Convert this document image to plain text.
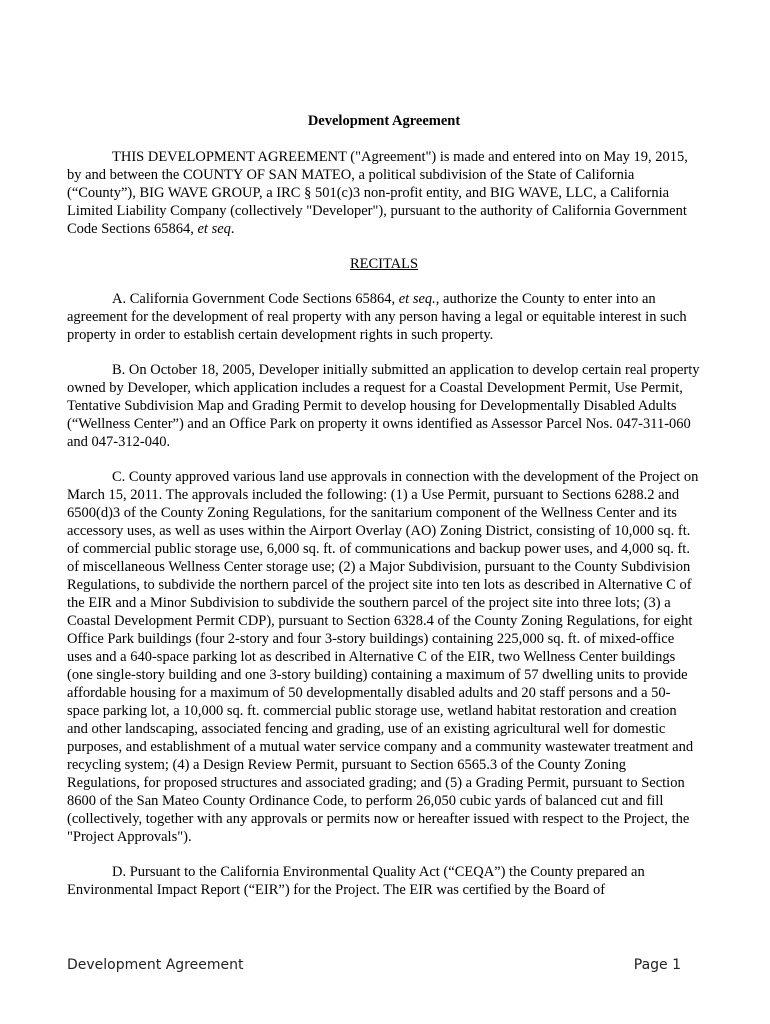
Development Agreement

THIS DEVELOPMENT AGREEMENT ("Agreement") is made and entered into on May 19, 2015, by and between the COUNTY OF SAN MATEO, a political subdivision of the State of California (“County”), BIG WAVE GROUP, a IRC § 501(c)3 non-profit entity, and BIG WAVE, LLC, a California Limited Liability Company (collectively "Developer"), pursuant to the authority of California Government Code Sections 65864, et seq.

RECITALS

A. California Government Code Sections 65864, et seq., authorize the County to enter into an agreement for the development of real property with any person having a legal or equitable interest in such property in order to establish certain development rights in such property.

B. On October 18, 2005, Developer initially submitted an application to develop certain real property owned by Developer, which application includes a request for a Coastal Development Permit, Use Permit, Tentative Subdivision Map and Grading Permit to develop housing for Developmentally Disabled Adults (“Wellness Center”) and an Office Park on property it owns identified as Assessor Parcel Nos. 047-311-060 and 047-312-040.

C. County approved various land use approvals in connection with the development of the Project on March 15, 2011. The approvals included the following: (1) a Use Permit, pursuant to Sections 6288.2 and 6500(d)3 of the County Zoning Regulations, for the sanitarium component of the Wellness Center and its accessory uses, as well as uses within the Airport Overlay (AO) Zoning District, consisting of 10,000 sq. ft. of commercial public storage use, 6,000 sq. ft. of communications and backup power uses, and 4,000 sq. ft. of miscellaneous Wellness Center storage use; (2) a Major Subdivision, pursuant to the County Subdivision Regulations, to subdivide the northern parcel of the project site into ten lots as described in Alternative C of the EIR and a Minor Subdivision to subdivide the southern parcel of the project site into three lots; (3) a Coastal Development Permit CDP), pursuant to Section 6328.4 of the County Zoning Regulations, for eight Office Park buildings (four 2-story and four 3-story buildings) containing 225,000 sq. ft. of mixed-office uses and a 640-space parking lot as described in Alternative C of the EIR, two Wellness Center buildings (one single-story building and one 3-story building) containing a maximum of 57 dwelling units to provide affordable housing for a maximum of 50 developmentally disabled adults and 20 staff persons and a 50-space parking lot, a 10,000 sq. ft. commercial public storage use, wetland habitat restoration and creation and other landscaping, associated fencing and grading, use of an existing agricultural well for domestic purposes, and establishment of a mutual water service company and a community wastewater treatment and recycling system; (4) a Design Review Permit, pursuant to Section 6565.3 of the County Zoning Regulations, for proposed structures and associated grading; and (5) a Grading Permit, pursuant to Section 8600 of the San Mateo County Ordinance Code, to perform 26,050 cubic yards of balanced cut and fill (collectively, together with any approvals or permits now or hereafter issued with respect to the Project, the "Project Approvals").

D. Pursuant to the California Environmental Quality Act (“CEQA”) the County prepared an Environmental Impact Report (“EIR”) for the Project. The EIR was certified by the Board of

Development Agreement	Page 1
